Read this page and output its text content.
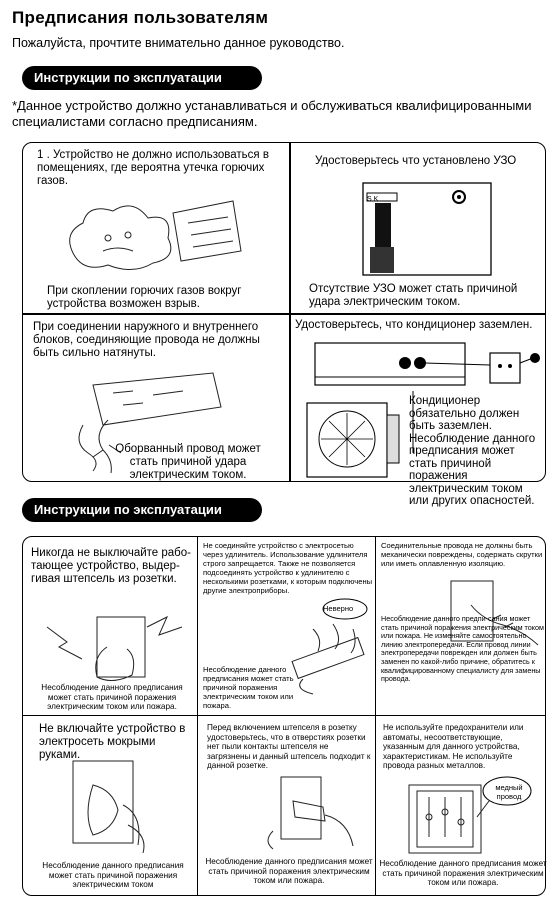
Предписания пользователям
Пожалуйста, прочтите внимательно данное руководство.
Инструкции по эксплуатации
*Данное устройство должно устанавливаться и обслуживаться квалифицированными специалистами согласно предписаниям.
1 . Устройство не должно использоваться в помещениях, где вероятна утечка горючих газов.
При скоплении горючих газов вокруг устройства возможен взрыв.
Удостоверьтесь что установлено УЗО
S K
Отсутствие УЗО может стать причиной удара электрическим током.
При соединении наружного и внутреннего блоков, соединяющие провода не должны быть сильно натянуты.
Оборванный провод может стать причиной удара электрическим током.
Удостоверьтесь, что кондиционер заземлен.
Кондиционер обязательно должен быть заземлен. Несоблюдение данного предписания может стать причиной поражения электрическим током или других опасностей.
Инструкции по эксплуатации
Никогда не выключайте рабо-тающее устройство, выдер-гивая штепсель из розетки.
Несоблюдение данного предписания может стать причиной поражения электрическим током или пожара.
Не соединяйте устройство с электросетью через удлинитель. Использование удлинителя строго запрещается. Также не позволяется подсоединять устройство к удлинителю с несколькими розетками, к которым подключены другие электроприборы.
Неверно
Несоблюдение данного предписания может стать причиной поражения электрическим током или пожара.
Соединительные провода не должны быть механически повреждены, содержать скрутки или иметь оплавленную изоляцию.
Несоблюдение данного предпи-сания может стать причиной поражения электрическим током или пожара. Не изменяйте самостоятельно линию электропередачи. Если провод линии электропередачи поврежден или должен быть заменен по какой-либо причине, обратитесь к квалифицированному специалисту для замены провода.
Не включайте устройство в электросеть мокрыми руками.
Несоблюдение данного предписания может стать причиной поражения электрическим током
Перед включением штепселя в розетку удостоверьтесь, что в отверстиях розетки нет пыли контакты штепселя не загрязнены и данный штепсель подходит к данной розетке.
Несоблюдение данного предписания может стать причиной поражения электрическим током или пожара.
Не используйте предохранители или автоматы, несоответствующие, указанным для данного устройства, характеристикам. Не используйте провода разных металлов.
медный провод
Несоблюдение данного предписания может стать причиной поражения электрическим током или пожара.
